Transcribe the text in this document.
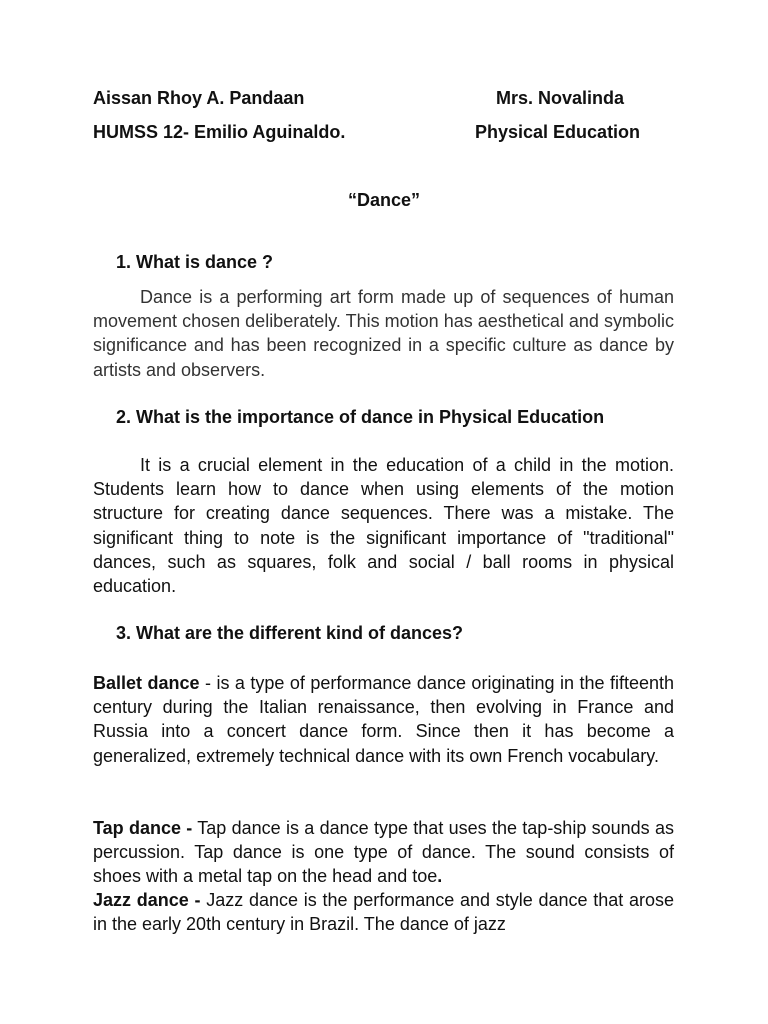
Aissan Rhoy A. Pandaan	Mrs. Novalinda
HUMSS 12- Emilio Aguinaldo.	Physical Education
“Dance”
1. What is dance ?

Dance is a performing art form made up of sequences of human movement chosen deliberately. This motion has aesthetical and symbolic significance and has been recognized in a specific culture as dance by artists and observers.

2. What is the importance of dance in Physical Education

It is a crucial element in the education of a child in the motion. Students learn how to dance when using elements of the motion structure for creating dance sequences. There was a mistake. The significant thing to note is the significant importance of "traditional" dances, such as squares, folk and social / ball rooms in physical education.

3. What are the different kind of dances?

Ballet dance - is a type of performance dance originating in the fifteenth century during the Italian renaissance, then evolving in France and Russia into a concert dance form. Since then it has become a generalized, extremely technical dance with its own French vocabulary.

Tap dance - Tap dance is a dance type that uses the tap-ship sounds as percussion. Tap dance is one type of dance. The sound consists of shoes with a metal tap on the head and toe.

Jazz dance - Jazz dance is the performance and style dance that arose in the early 20th century in Brazil. The dance of jazz
